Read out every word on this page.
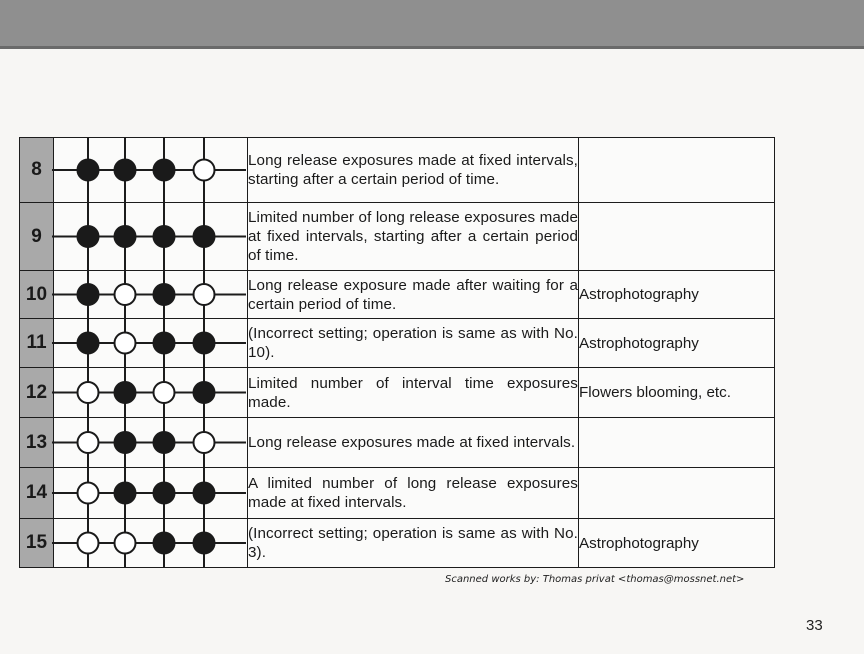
8		Long release exposures made at fixed intervals, starting after a certain period of time.	
9		Limited number of long release exposures made at fixed intervals, starting after a certain period of time.	
10		Long release exposure made after waiting for a certain period of time.	Astrophotography
11		(Incorrect setting; operation is same as with No. 10).	Astrophotography
12		Limited number of interval time exposures made.	Flowers blooming, etc.
13		Long release exposures made at fixed intervals.	
14		A limited number of long release exposures made at fixed intervals.	
15		(Incorrect setting; operation is same as with No. 3).	Astrophotography
Scanned works by: Thomas privat <thomas@mossnet.net>
33
